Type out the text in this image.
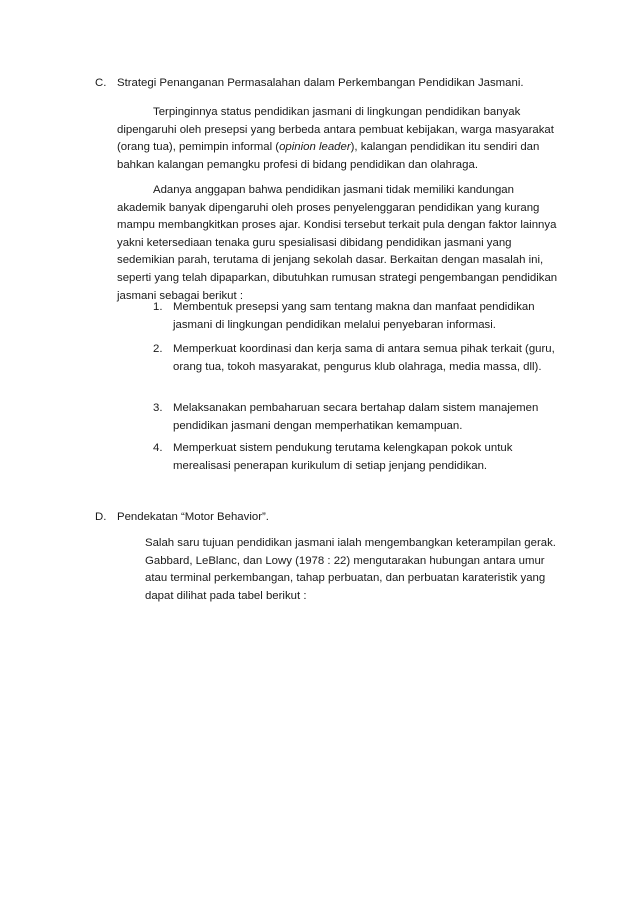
C. Strategi Penanganan Permasalahan dalam Perkembangan Pendidikan Jasmani.

Terpinginnya status pendidikan jasmani di lingkungan pendidikan banyak dipengaruhi oleh presepsi yang berbeda antara pembuat kebijakan, warga masyarakat (orang tua), pemimpin informal (opinion leader), kalangan pendidikan itu sendiri dan bahkan kalangan pemangku profesi di bidang pendidikan dan olahraga.

Adanya anggapan bahwa pendidikan jasmani tidak memiliki kandungan akademik banyak dipengaruhi oleh proses penyelenggaran pendidikan yang kurang mampu membangkitkan proses ajar. Kondisi tersebut terkait pula dengan faktor lainnya yakni ketersediaan tenaka guru spesialisasi dibidang pendidikan jasmani yang sedemikian parah, terutama di jenjang sekolah dasar. Berkaitan dengan masalah ini, seperti yang telah dipaparkan, dibutuhkan rumusan strategi pengembangan pendidikan jasmani sebagai berikut :

1. Membentuk presepsi yang sam tentang makna dan manfaat pendidikan jasmani di lingkungan pendidikan melalui penyebaran informasi.
2. Memperkuat koordinasi dan kerja sama di antara semua pihak terkait (guru, orang tua, tokoh masyarakat, pengurus klub olahraga, media massa, dll).
3. Melaksanakan pembaharuan secara bertahap dalam sistem manajemen pendidikan jasmani dengan memperhatikan kemampuan.
4. Memperkuat sistem pendukung terutama kelengkapan pokok untuk merealisasi penerapan kurikulum di setiap jenjang pendidikan.

D. Pendekatan “Motor Behavior”.

Salah saru tujuan pendidikan jasmani ialah mengembangkan keterampilan gerak. Gabbard, LeBlanc, dan Lowy (1978 : 22) mengutarakan hubungan antara umur atau terminal perkembangan, tahap perbuatan, dan perbuatan karateristik yang dapat dilihat pada tabel berikut :
